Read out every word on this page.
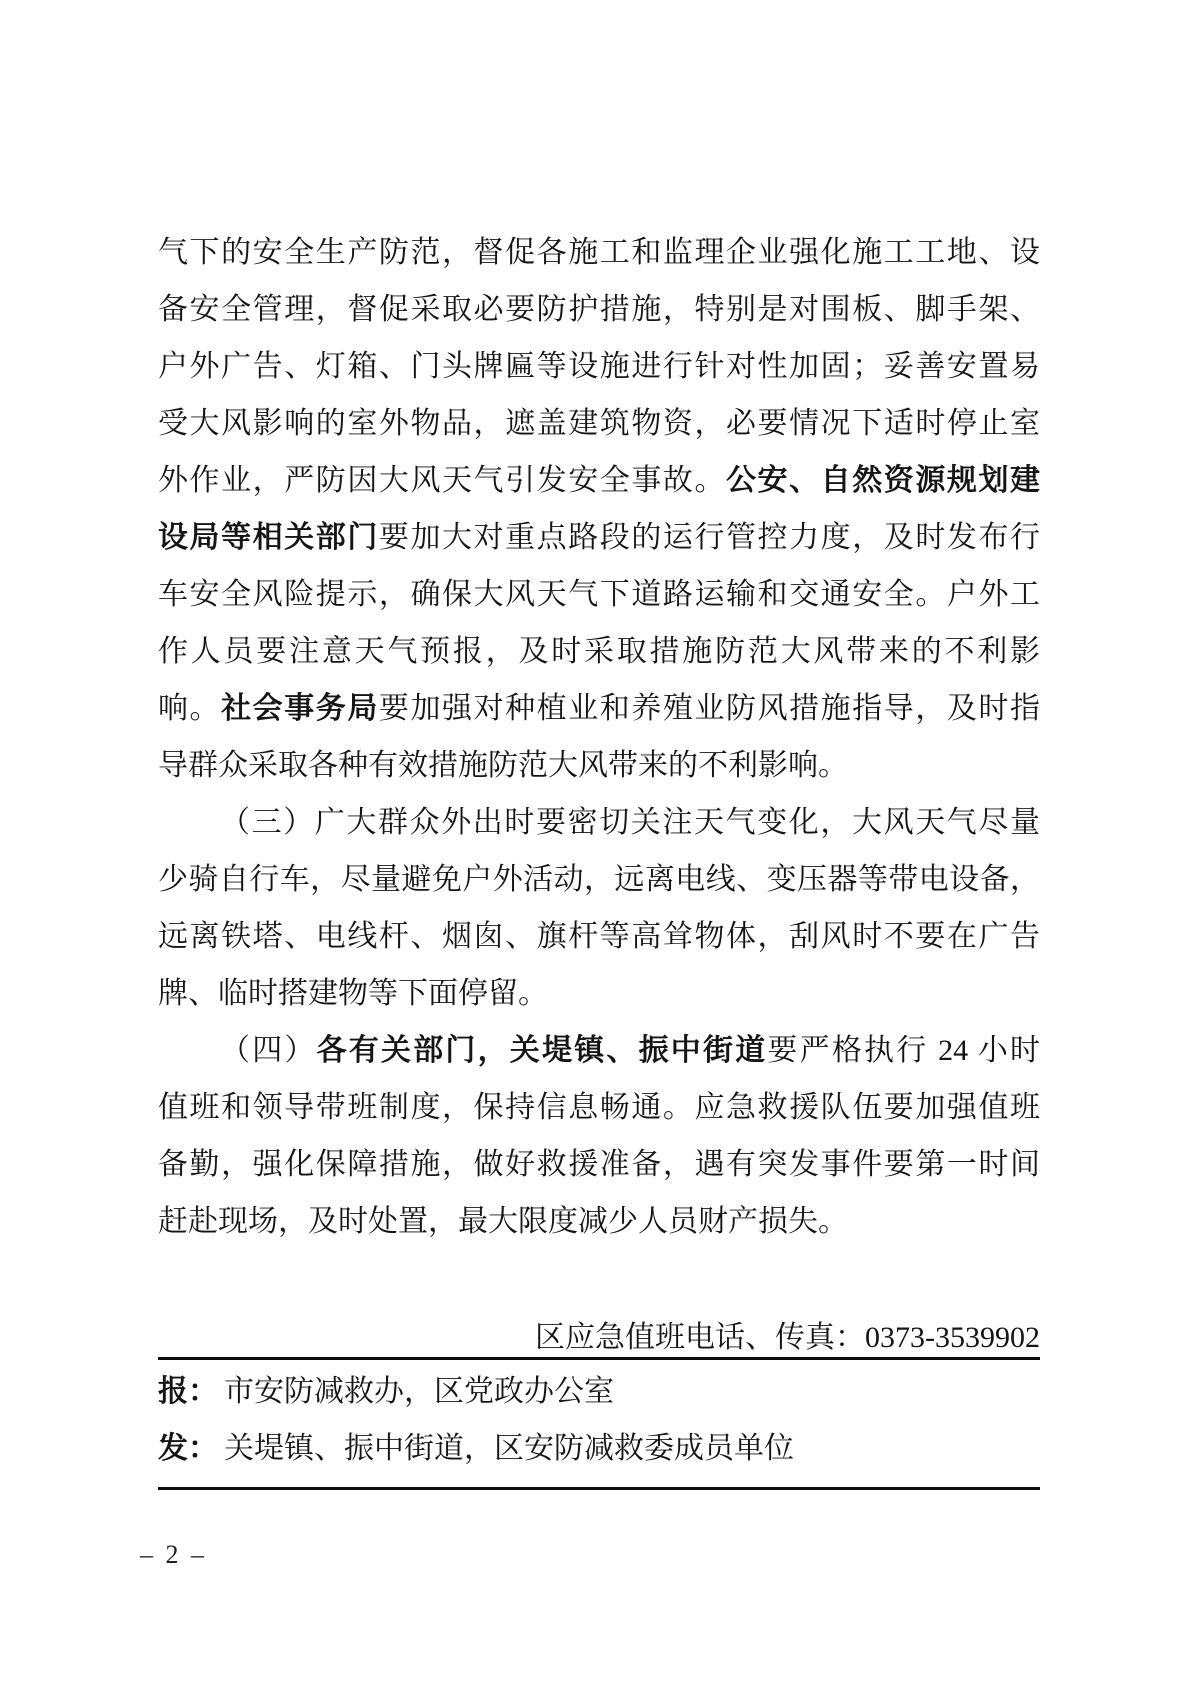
气下的安全生产防范，督促各施工和监理企业强化施工工地、设
备安全管理，督促采取必要防护措施，特别是对围板、脚手架、
户外广告、灯箱、门头牌匾等设施进行针对性加固；妥善安置易
受大风影响的室外物品，遮盖建筑物资，必要情况下适时停止室
外作业，严防因大风天气引发安全事故。公安、自然资源规划建
设局等相关部门要加大对重点路段的运行管控力度，及时发布行
车安全风险提示，确保大风天气下道路运输和交通安全。户外工
作人员要注意天气预报，及时采取措施防范大风带来的不利影
响。社会事务局要加强对种植业和养殖业防风措施指导，及时指
导群众采取各种有效措施防范大风带来的不利影响。
（三）广大群众外出时要密切关注天气变化，大风天气尽量
少骑自行车，尽量避免户外活动，远离电线、变压器等带电设备，
远离铁塔、电线杆、烟囱、旗杆等高耸物体，刮风时不要在广告
牌、临时搭建物等下面停留。
（四）各有关部门，关堤镇、振中街道要严格执行 24 小时
值班和领导带班制度，保持信息畅通。应急救援队伍要加强值班
备勤，强化保障措施，做好救援准备，遇有突发事件要第一时间
赶赴现场，及时处置，最大限度减少人员财产损失。
区应急值班电话、传真：0373-3539902
报： 市安防减救办，区党政办公室
发： 关堤镇、振中街道，区安防减救委成员单位
– 2 –
